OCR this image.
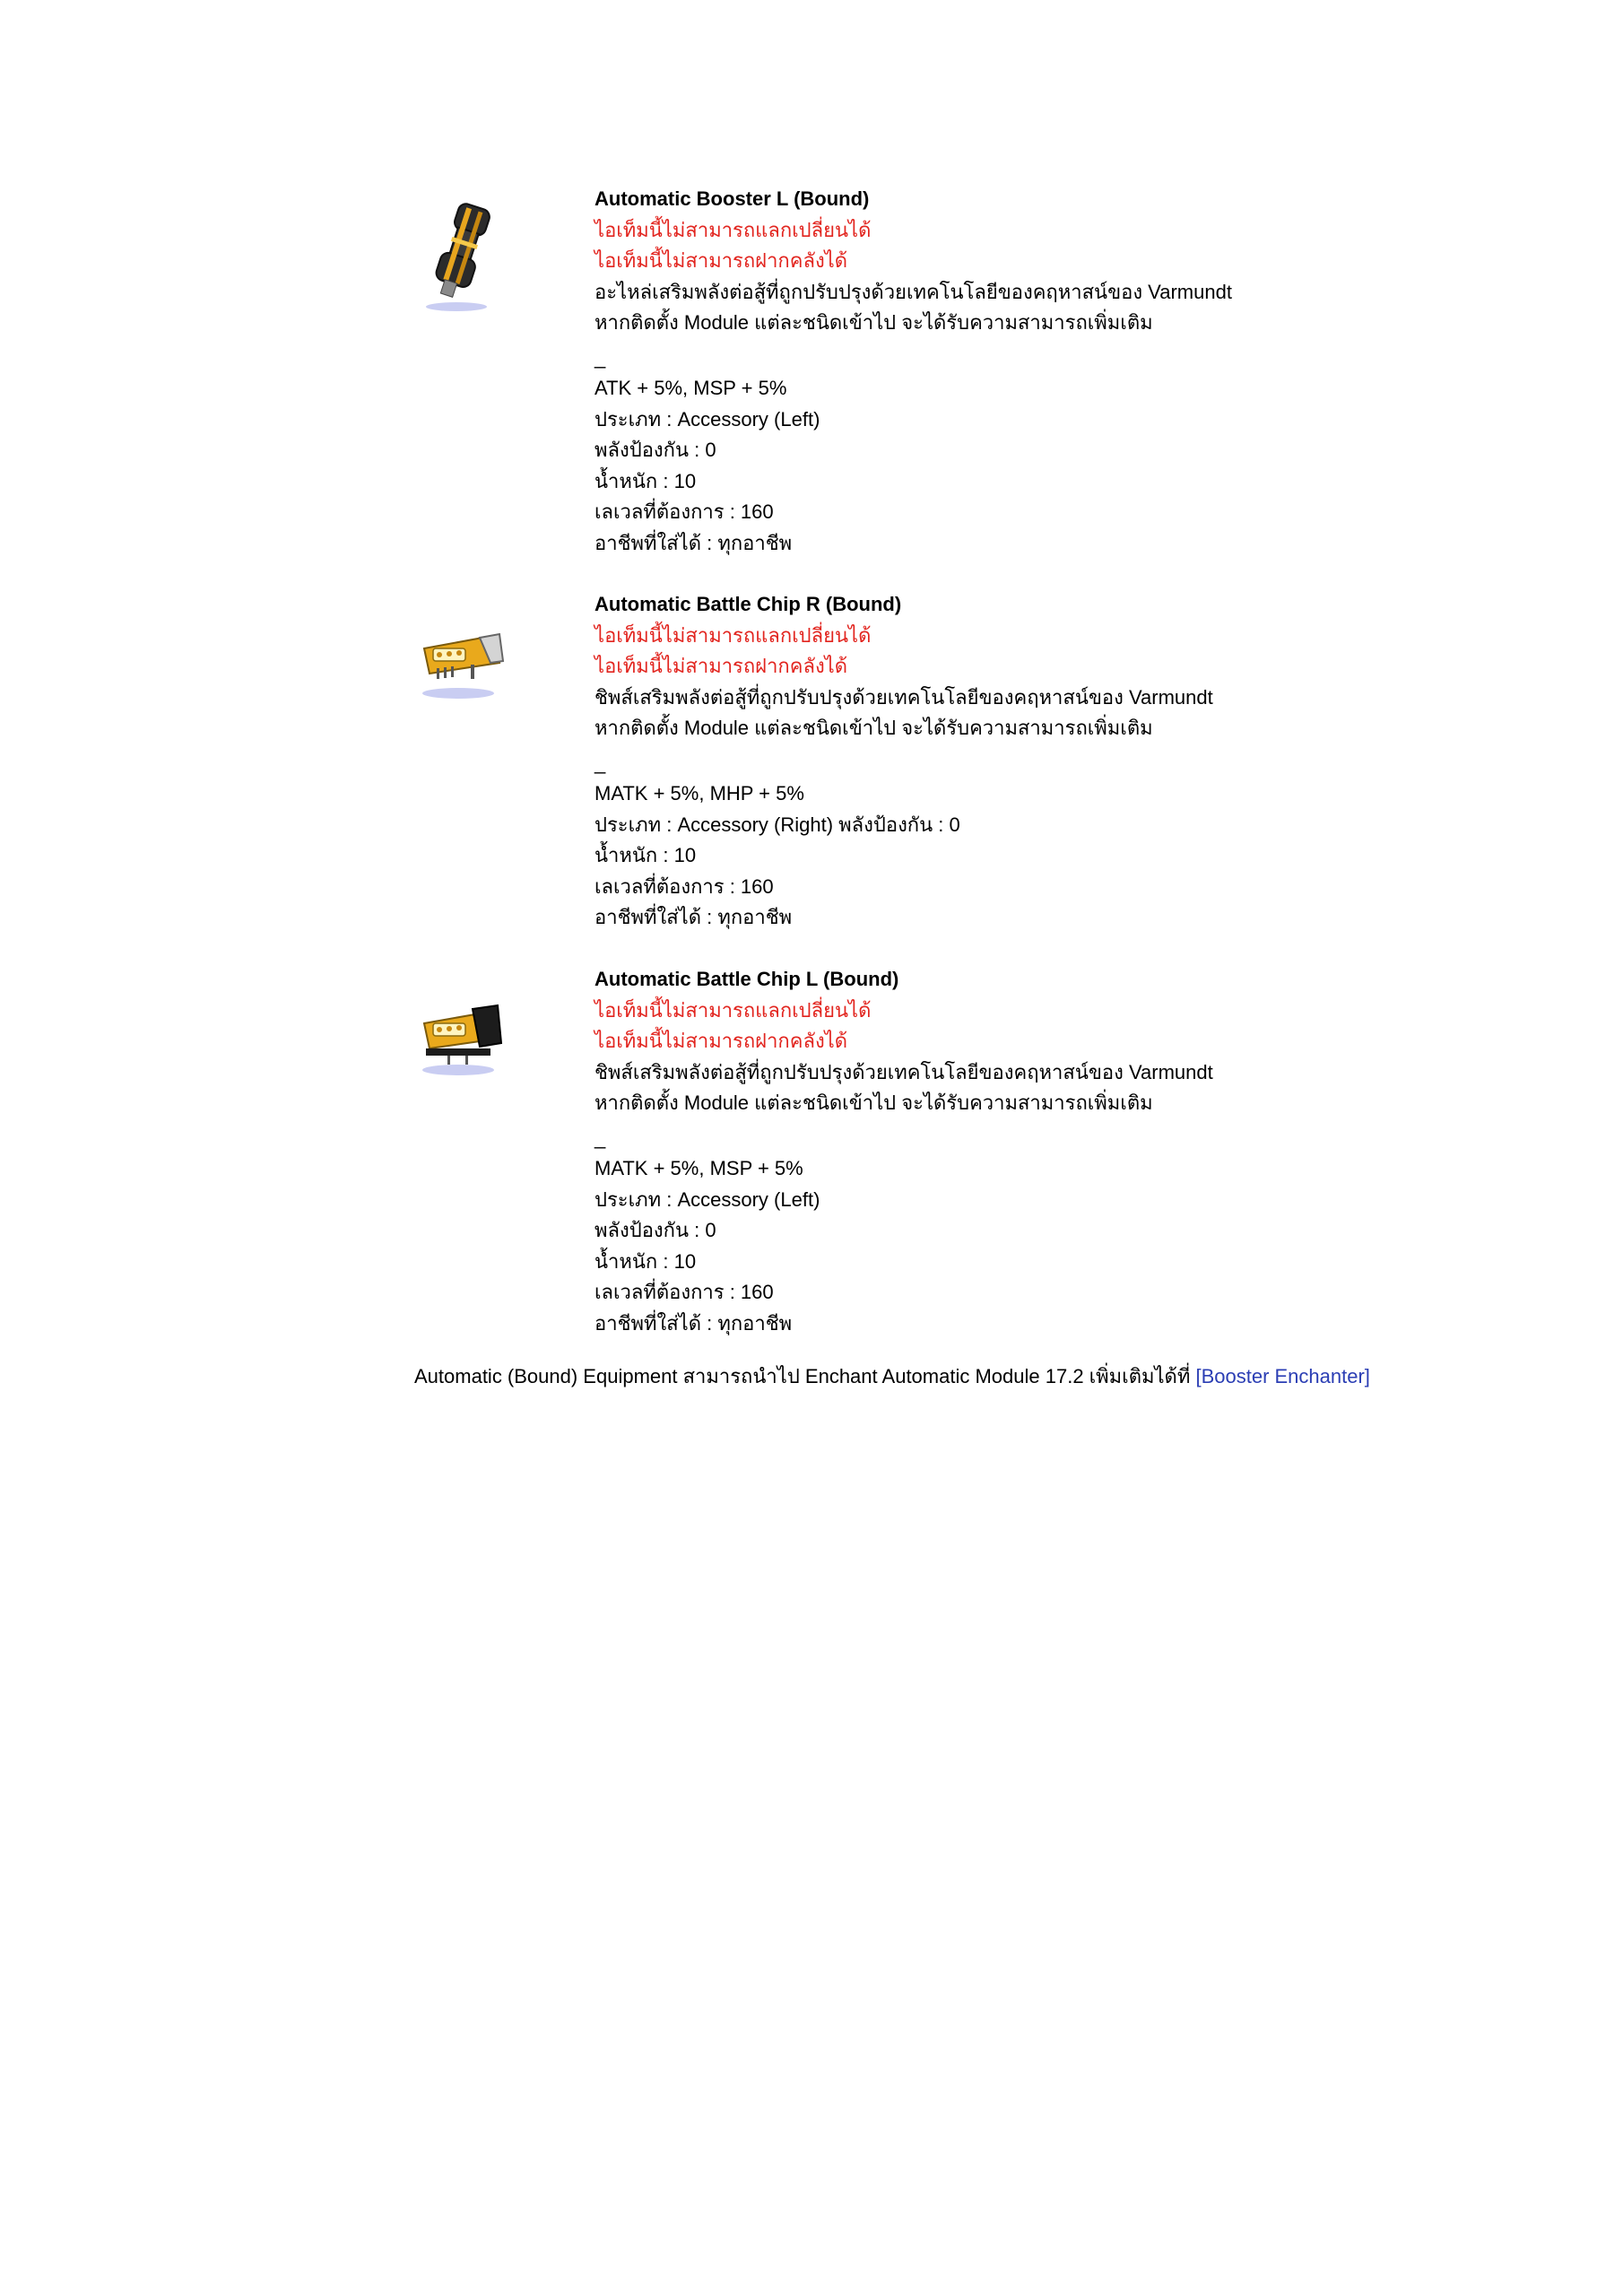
Automatic Booster L (Bound)
ไอเท็มนี้ไม่สามารถแลกเปลี่ยนได้
ไอเท็มนี้ไม่สามารถฝากคลังได้
อะไหล่เสริมพลังต่อสู้ที่ถูกปรับปรุงด้วยเทคโนโลยีของคฤหาสน์ของ Varmundt
หากติดตั้ง Module แต่ละชนิดเข้าไป จะได้รับความสามารถเพิ่มเติม
_
ATK + 5%, MSP + 5%
ประเภท : Accessory (Left)
พลังป้องกัน : 0
น้ำหนัก : 10
เลเวลที่ต้องการ : 160
อาชีพที่ใส่ได้ : ทุกอาชีพ
Automatic Battle Chip R (Bound)
ไอเท็มนี้ไม่สามารถแลกเปลี่ยนได้
ไอเท็มนี้ไม่สามารถฝากคลังได้
ชิพส์เสริมพลังต่อสู้ที่ถูกปรับปรุงด้วยเทคโนโลยีของคฤหาสน์ของ Varmundt
หากติดตั้ง Module แต่ละชนิดเข้าไป จะได้รับความสามารถเพิ่มเติม
_
MATK + 5%, MHP + 5%
ประเภท : Accessory (Right) พลังป้องกัน : 0
น้ำหนัก : 10
เลเวลที่ต้องการ : 160
อาชีพที่ใส่ได้ : ทุกอาชีพ
Automatic Battle Chip L (Bound)
ไอเท็มนี้ไม่สามารถแลกเปลี่ยนได้
ไอเท็มนี้ไม่สามารถฝากคลังได้
ชิพส์เสริมพลังต่อสู้ที่ถูกปรับปรุงด้วยเทคโนโลยีของคฤหาสน์ของ Varmundt
หากติดตั้ง Module แต่ละชนิดเข้าไป จะได้รับความสามารถเพิ่มเติม
_
MATK + 5%, MSP + 5%
ประเภท : Accessory (Left)
พลังป้องกัน : 0
น้ำหนัก : 10
เลเวลที่ต้องการ : 160
อาชีพที่ใส่ได้ : ทุกอาชีพ
Automatic (Bound) Equipment สามารถนำไป Enchant Automatic Module 17.2 เพิ่มเติมได้ที่ [Booster Enchanter]
